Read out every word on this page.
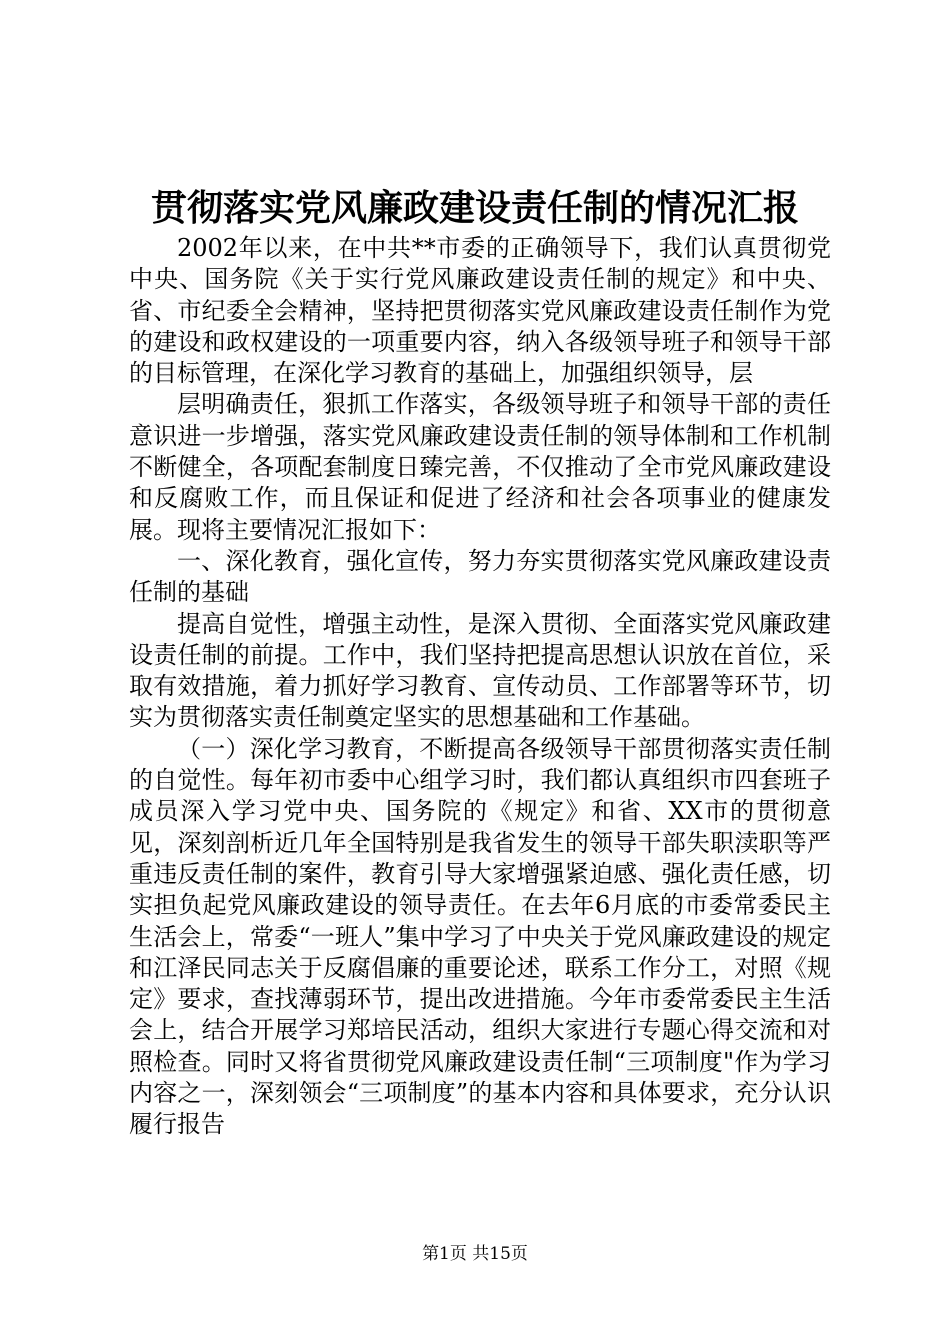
贯彻落实党风廉政建设责任制的情况汇报

2002年以来，在中共**市委的正确领导下，我们认真贯彻党中央、国务院《关于实行党风廉政建设责任制的规定》和中央、省、市纪委全会精神，坚持把贯彻落实党风廉政建设责任制作为党的建设和政权建设的一项重要内容，纳入各级领导班子和领导干部的目标管理，在深化学习教育的基础上，加强组织领导，层

层明确责任，狠抓工作落实，各级领导班子和领导干部的责任意识进一步增强，落实党风廉政建设责任制的领导体制和工作机制不断健全，各项配套制度日臻完善，不仅推动了全市党风廉政建设和反腐败工作，而且保证和促进了经济和社会各项事业的健康发展。现将主要情况汇报如下：

一、深化教育，强化宣传，努力夯实贯彻落实党风廉政建设责任制的基础

提高自觉性，增强主动性，是深入贯彻、全面落实党风廉政建设责任制的前提。工作中，我们坚持把提高思想认识放在首位，采取有效措施，着力抓好学习教育、宣传动员、工作部署等环节，切实为贯彻落实责任制奠定坚实的思想基础和工作基础。

（一）深化学习教育，不断提高各级领导干部贯彻落实责任制的自觉性。每年初市委中心组学习时，我们都认真组织市四套班子成员深入学习党中央、国务院的《规定》和省、XX市的贯彻意见，深刻剖析近几年全国特别是我省发生的领导干部失职渎职等严重违反责任制的案件，教育引导大家增强紧迫感、强化责任感，切实担负起党风廉政建设的领导责任。在去年6月底的市委常委民主生活会上，常委“一班人”集中学习了中央关于党风廉政建设的规定和江泽民同志关于反腐倡廉的重要论述，联系工作分工，对照《规定》要求，查找薄弱环节，提出改进措施。今年市委常委民主生活会上，结合开展学习郑培民活动，组织大家进行专题心得交流和对照检查。同时又将省贯彻党风廉政建设责任制“三项制度"作为学习内容之一，深刻领会“三项制度”的基本内容和具体要求，充分认识履行报告

第1页 共15页
